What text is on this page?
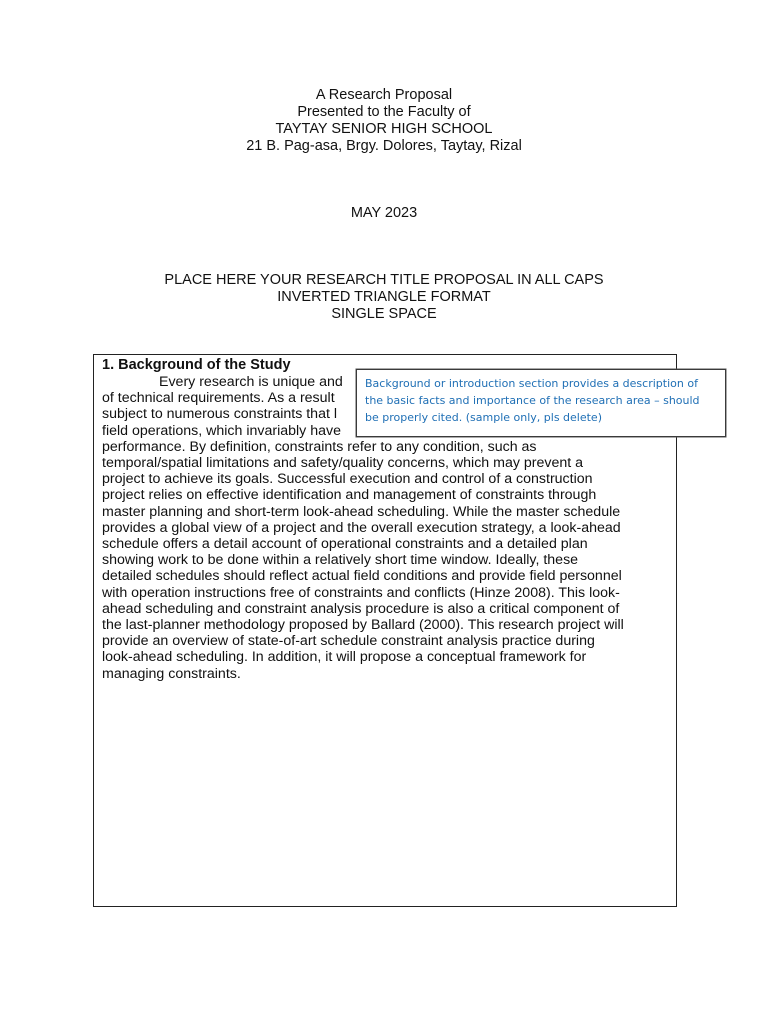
A Research Proposal
Presented to the Faculty of
TAYTAY SENIOR HIGH SCHOOL
21 B. Pag-asa, Brgy. Dolores, Taytay, Rizal
MAY 2023
PLACE HERE YOUR RESEARCH TITLE PROPOSAL IN ALL CAPS
INVERTED TRIANGLE FORMAT
SINGLE SPACE
1. Background of the Study
Every research is unique and
of technical requirements. As a result
subject to numerous constraints that l
field operations, which invariably have
performance. By definition, constraints refer to any condition, such as
temporal/spatial limitations and safety/quality concerns, which may prevent a
project to achieve its goals. Successful execution and control of a construction
project relies on effective identification and management of constraints through
master planning and short-term look-ahead scheduling. While the master schedule
provides a global view of a project and the overall execution strategy, a look-ahead
schedule offers a detail account of operational constraints and a detailed plan
showing work to be done within a relatively short time window. Ideally, these
detailed schedules should reflect actual field conditions and provide field personnel
with operation instructions free of constraints and conflicts (Hinze 2008). This look-
ahead scheduling and constraint analysis procedure is also a critical component of
the last-planner methodology proposed by Ballard (2000). This research project will
provide an overview of state-of-art schedule constraint analysis practice during
look-ahead scheduling. In addition, it will propose a conceptual framework for
managing constraints.
Background or introduction section provides a description of
the basic facts and importance of the research area – should
be properly cited. (sample only, pls delete)
